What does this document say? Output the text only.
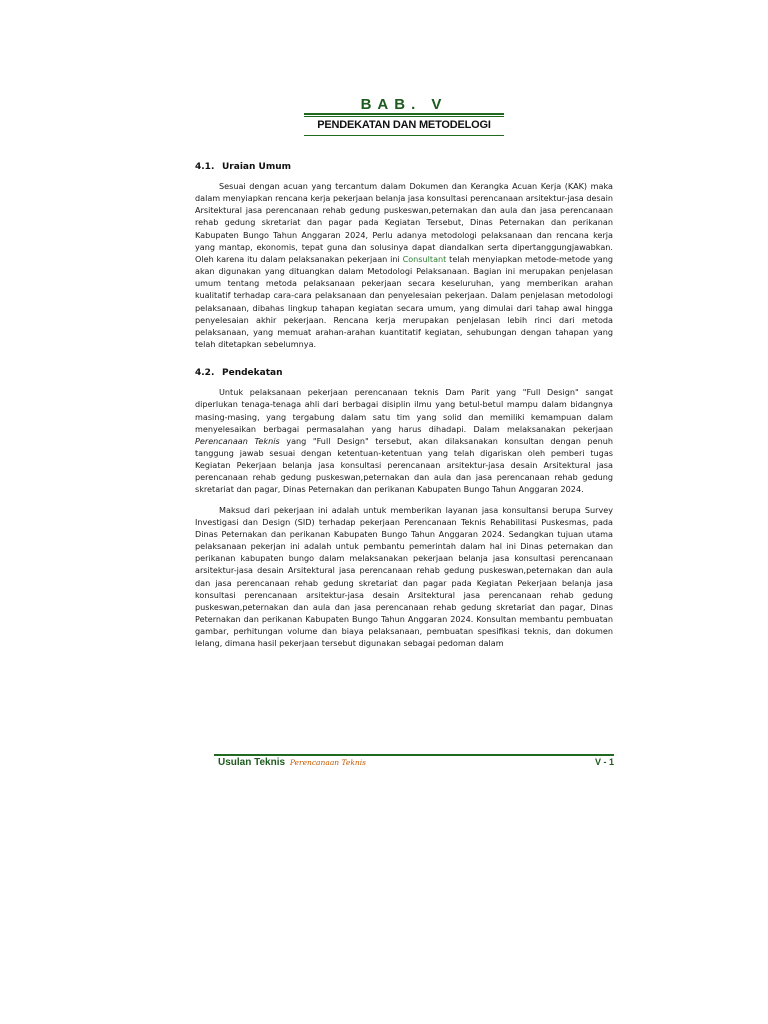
BAB. V
PENDEKATAN DAN METODELOGI
4.1. Uraian Umum

Sesuai dengan acuan yang tercantum dalam Dokumen dan Kerangka Acuan Kerja (KAK) maka dalam menyiapkan rencana kerja pekerjaan belanja jasa konsultasi perencanaan arsitektur-jasa desain Arsitektural jasa perencanaan rehab gedung puskeswan,peternakan dan aula dan jasa perencanaan rehab gedung skretariat dan pagar pada Kegiatan Tersebut, Dinas Peternakan dan perikanan Kabupaten Bungo Tahun Anggaran 2024, Perlu adanya metodologi pelaksanaan dan rencana kerja yang mantap, ekonomis, tepat guna dan solusinya dapat diandalkan serta dipertanggungjawabkan. Oleh karena itu dalam pelaksanakan pekerjaan ini Consultant telah menyiapkan metode-metode yang akan digunakan yang dituangkan dalam Metodologi Pelaksanaan. Bagian ini merupakan penjelasan umum tentang metoda pelaksanaan pekerjaan secara keseluruhan, yang memberikan arahan kualitatif terhadap cara-cara pelaksanaan dan penyelesaian pekerjaan. Dalam penjelasan metodologi pelaksanaan, dibahas lingkup tahapan kegiatan secara umum, yang dimulai dari tahap awal hingga penyelesaian akhir pekerjaan. Rencana kerja merupakan penjelasan lebih rinci dari metoda pelaksanaan, yang memuat arahan-arahan kuantitatif kegiatan, sehubungan dengan tahapan yang telah ditetapkan sebelumnya.

4.2. Pendekatan

Untuk pelaksanaan pekerjaan perencanaan teknis Dam Parit yang "Full Design" sangat diperlukan tenaga-tenaga ahli dari berbagai disiplin ilmu yang betul-betul mampu dalam bidangnya masing-masing, yang tergabung dalam satu tim yang solid dan memiliki kemampuan dalam menyelesaikan berbagai permasalahan yang harus dihadapi. Dalam melaksanakan pekerjaan Perencanaan Teknis yang "Full Design" tersebut, akan dilaksanakan konsultan dengan penuh tanggung jawab sesuai dengan ketentuan-ketentuan yang telah digariskan oleh pemberi tugas Kegiatan Pekerjaan belanja jasa konsultasi perencanaan arsitektur-jasa desain Arsitektural jasa perencanaan rehab gedung puskeswan,peternakan dan aula dan jasa perencanaan rehab gedung skretariat dan pagar, Dinas Peternakan dan perikanan Kabupaten Bungo Tahun Anggaran 2024.

Maksud dari pekerjaan ini adalah untuk memberikan layanan jasa konsultansi berupa Survey Investigasi dan Design (SID) terhadap pekerjaan Perencanaan Teknis Rehabilitasi Puskesmas, pada Dinas Peternakan dan perikanan Kabupaten Bungo Tahun Anggaran 2024. Sedangkan tujuan utama pelaksanaan pekerjan ini adalah untuk pembantu pemerintah dalam hal ini Dinas peternakan dan perikanan kabupaten bungo dalam melaksanakan pekerjaan belanja jasa konsultasi perencanaan arsitektur-jasa desain Arsitektural jasa perencanaan rehab gedung puskeswan,peternakan dan aula dan jasa perencanaan rehab gedung skretariat dan pagar pada Kegiatan Pekerjaan belanja jasa konsultasi perencanaan arsitektur-jasa desain Arsitektural jasa perencanaan rehab gedung puskeswan,peternakan dan aula dan jasa perencanaan rehab gedung skretariat dan pagar, Dinas Peternakan dan perikanan Kabupaten Bungo Tahun Anggaran 2024. Konsultan membantu pembuatan gambar, perhitungan volume dan biaya pelaksanaan, pembuatan spesifikasi teknis, dan dokumen lelang, dimana hasil pekerjaan tersebut digunakan sebagai pedoman dalam

Usulan Teknis Perencanaan Teknis	V - 1
